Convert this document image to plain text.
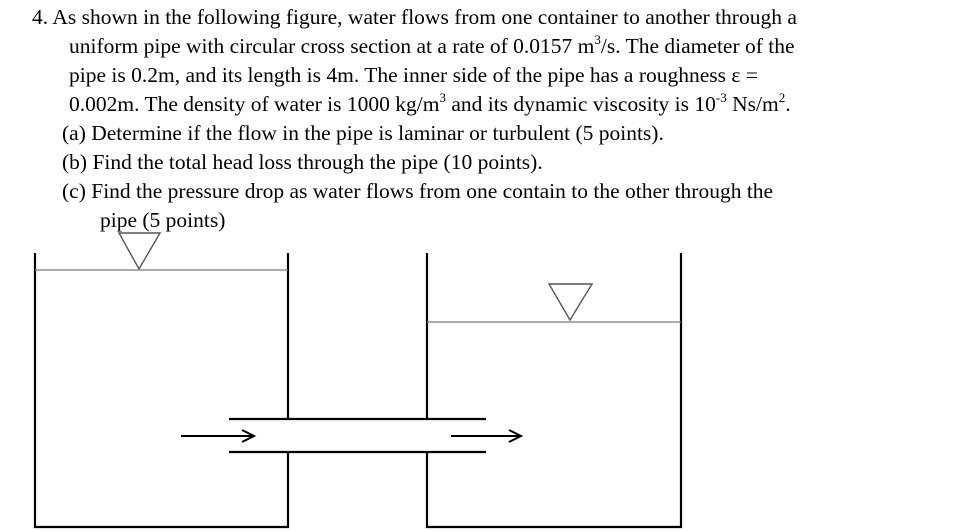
4. As shown in the following figure, water flows from one container to another through a
uniform pipe with circular cross section at a rate of 0.0157 $m^3/s$. The diameter of the
pipe is 0.2m, and its length is 4m. The inner side of the pipe has a roughness ε =
0.002m. The density of water is 1000 $kg/m^3$ and its dynamic viscosity is $10^{-3}$ $Ns/m^2$.
(a) Determine if the flow in the pipe is laminar or turbulent (5 points).
(b) Find the total head loss through the pipe (10 points).
(c) Find the pressure drop as water flows from one contain to the other through the
pipe (5 points)
